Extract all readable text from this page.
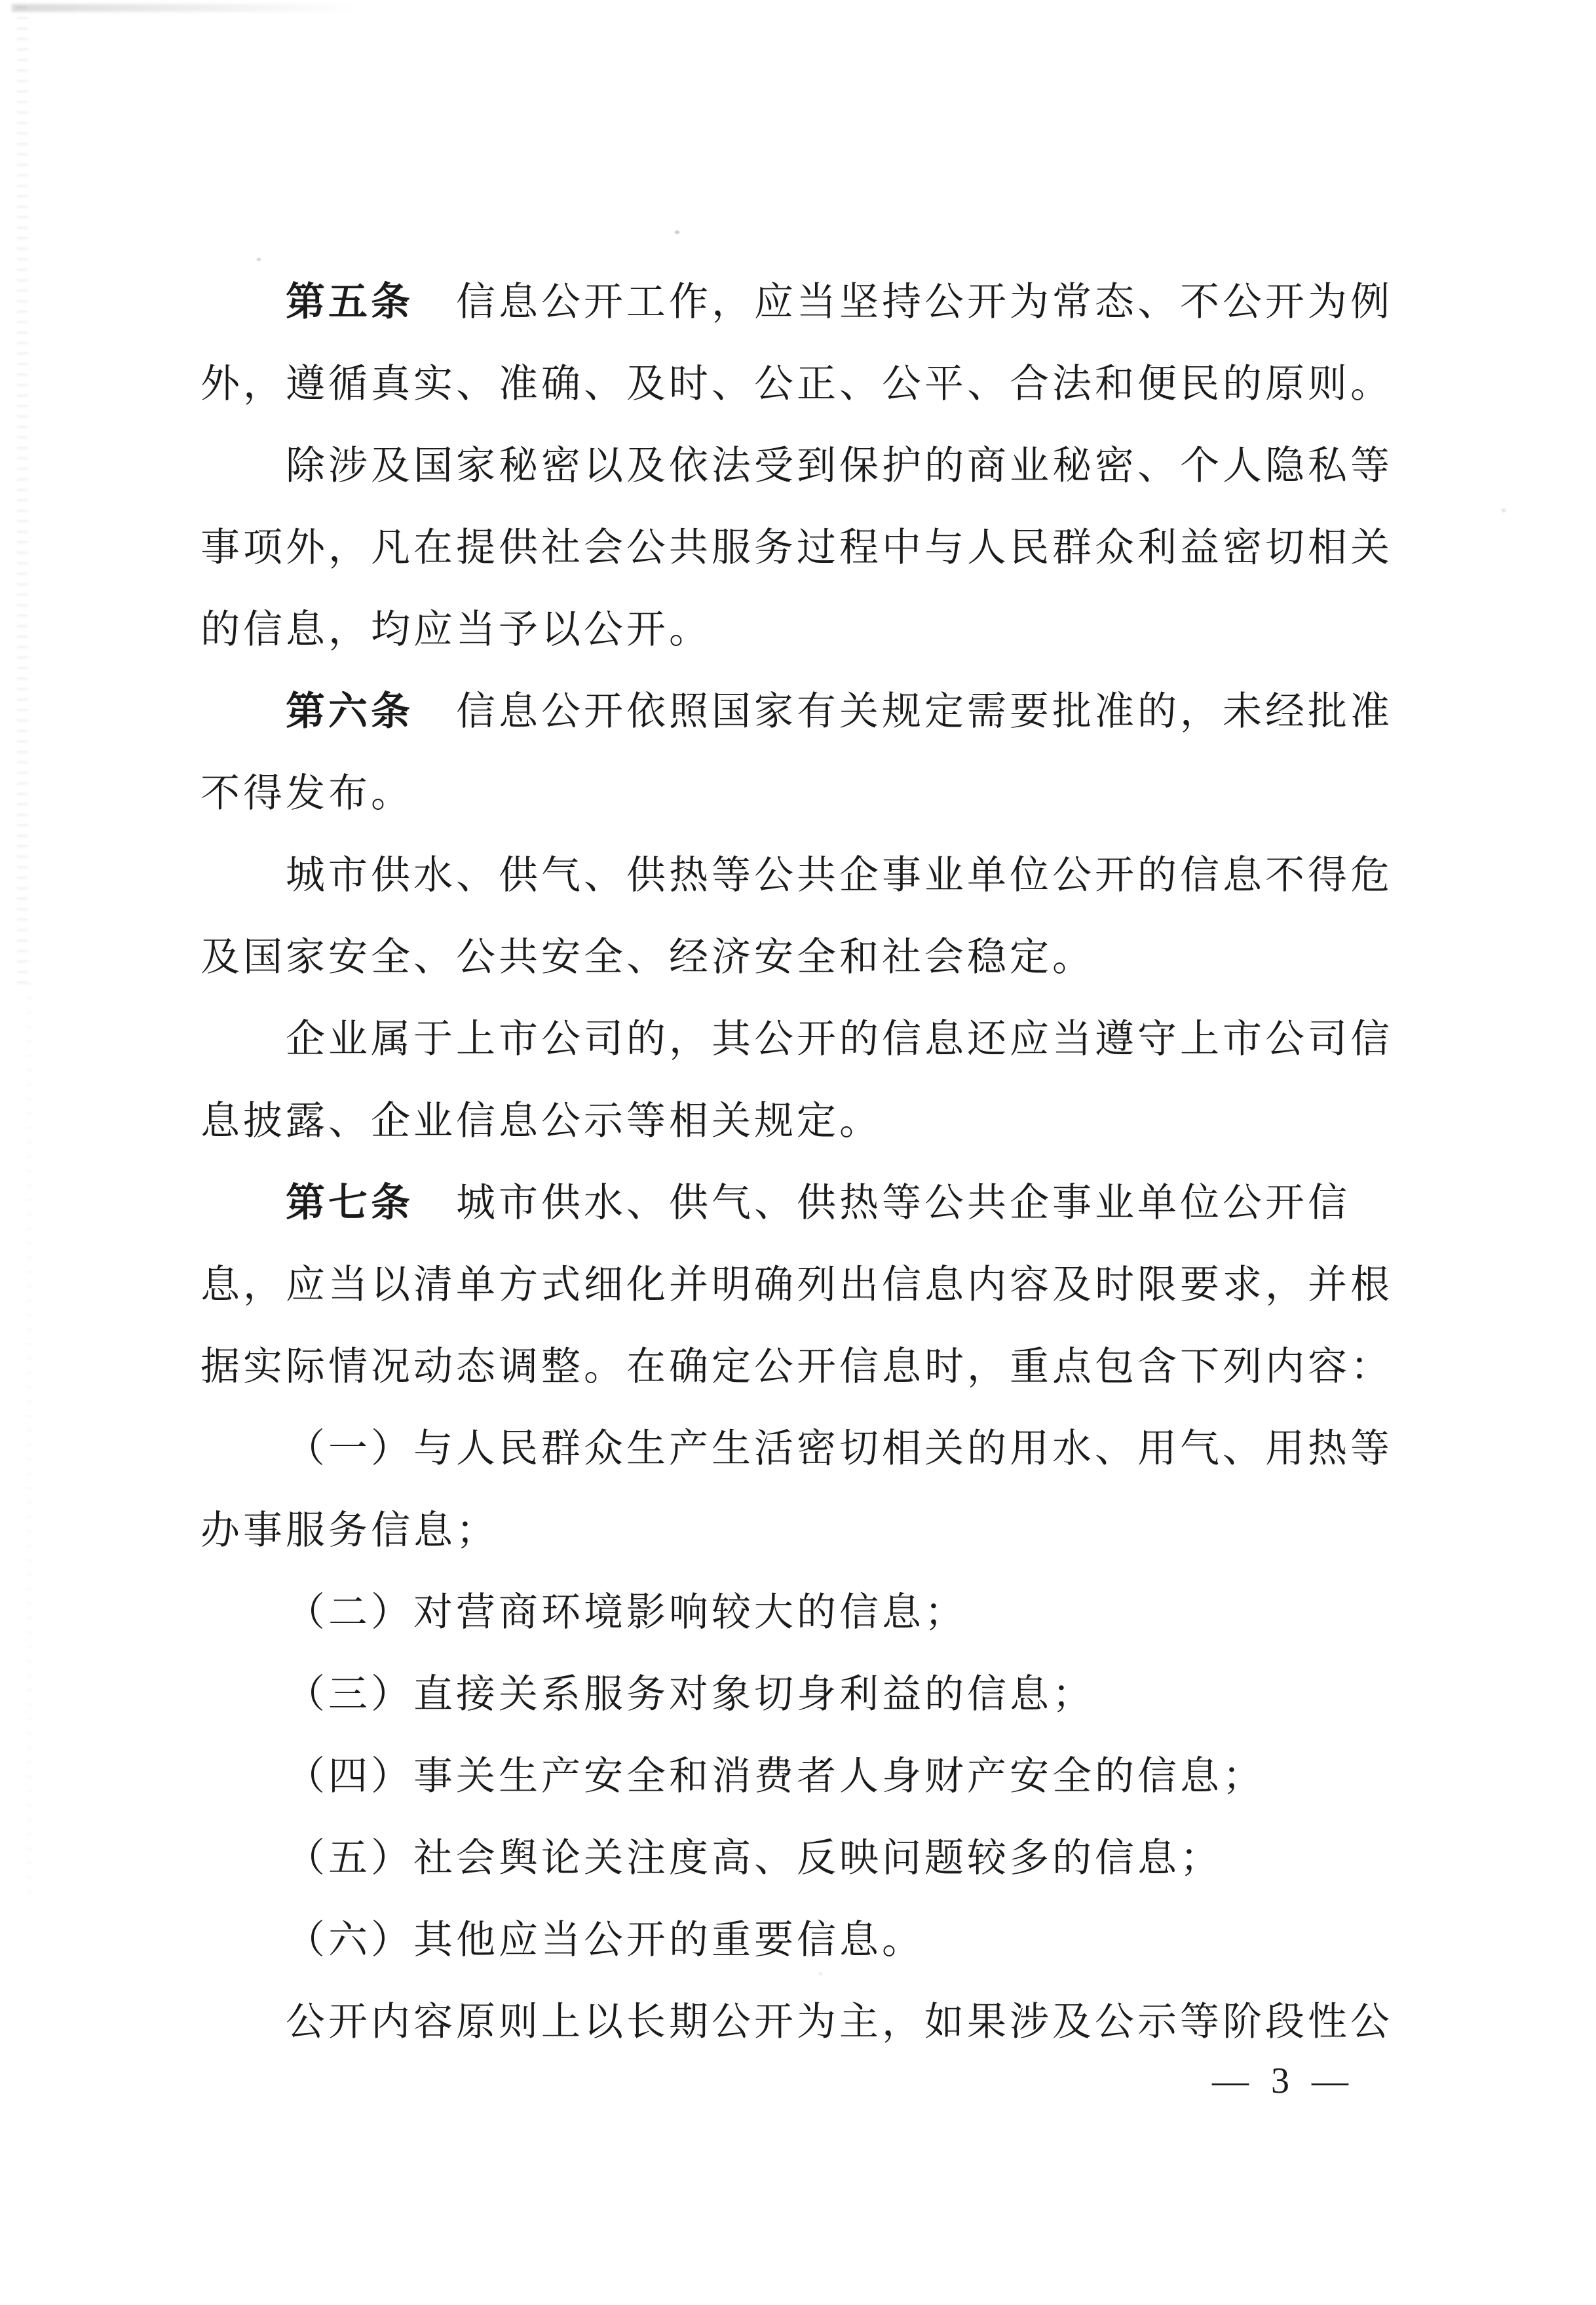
第五条　信息公开工作，应当坚持公开为常态、不公开为例
外，遵循真实、准确、及时、公正、公平、合法和便民的原则。
除涉及国家秘密以及依法受到保护的商业秘密、个人隐私等
事项外，凡在提供社会公共服务过程中与人民群众利益密切相关
的信息，均应当予以公开。
第六条　信息公开依照国家有关规定需要批准的，未经批准
不得发布。
城市供水、供气、供热等公共企事业单位公开的信息不得危
及国家安全、公共安全、经济安全和社会稳定。
企业属于上市公司的，其公开的信息还应当遵守上市公司信
息披露、企业信息公示等相关规定。
第七条　城市供水、供气、供热等公共企事业单位公开信
息，应当以清单方式细化并明确列出信息内容及时限要求，并根
据实际情况动态调整。在确定公开信息时，重点包含下列内容：
（一）与人民群众生产生活密切相关的用水、用气、用热等
办事服务信息；
（二）对营商环境影响较大的信息；
（三）直接关系服务对象切身利益的信息；
（四）事关生产安全和消费者人身财产安全的信息；
（五）社会舆论关注度高、反映问题较多的信息；
（六）其他应当公开的重要信息。
公开内容原则上以长期公开为主，如果涉及公示等阶段性公
— 3 —
